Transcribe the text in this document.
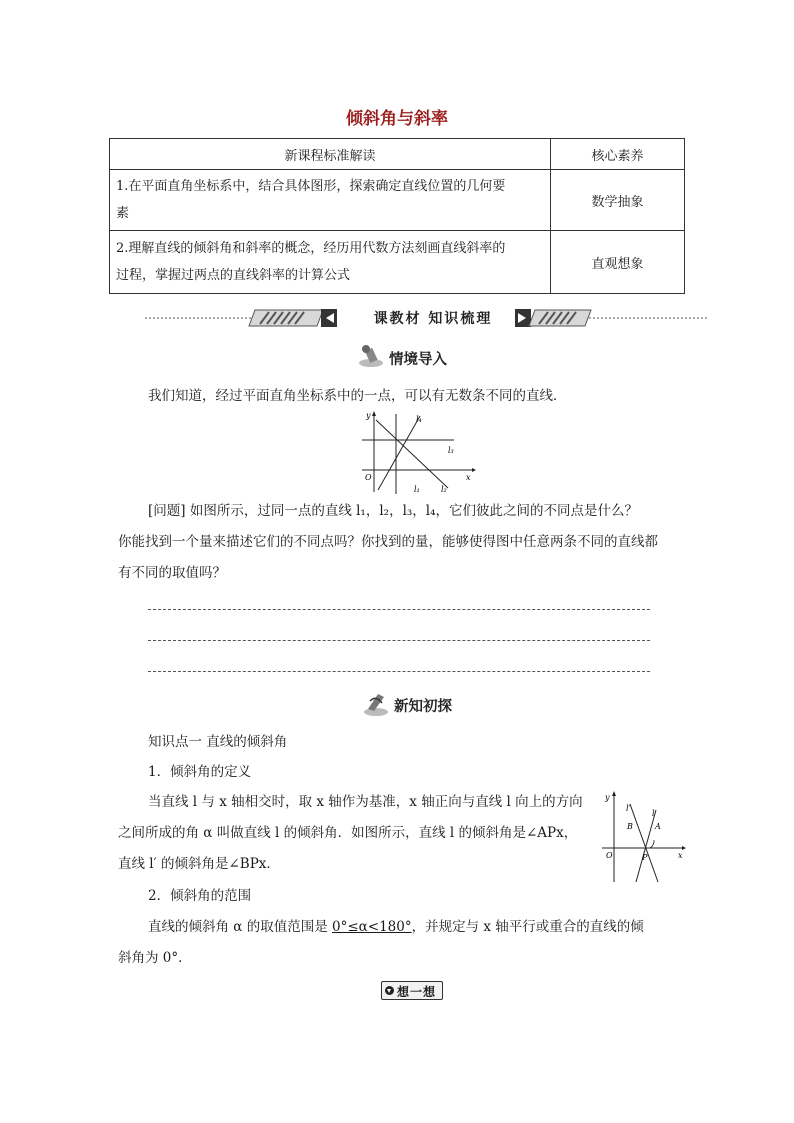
倾斜角与斜率
新课程标准解读	核心素养
1.在平面直角坐标系中，结合具体图形，探索确定直线位置的几何要
素	数学抽象
2.理解直线的倾斜角和斜率的概念，经历用代数方法刻画直线斜率的
过程，掌握过两点的直线斜率的计算公式	直观想象
课教材 知识梳理
情境导入

我们知道，经过平面直角坐标系中的一点，可以有无数条不同的直线．

y
x
O
l₄
l₃
l₁	l₂

[问题] 如图所示，过同一点的直线 l₁，l₂，l₃，l₄，它们彼此之间的不同点是什么？

你能找到一个量来描述它们的不同点吗？你找到的量，能够使得图中任意两条不同的直线都

有不同的取值吗？

新知初探

知识点一 直线的倾斜角

1．倾斜角的定义

当直线 l 与 x 轴相交时，取 x 轴作为基准，x 轴正向与直线 l 向上的方向

之间所成的角 α 叫做直线 l 的倾斜角．如图所示，直线 l 的倾斜角是∠APx，

直线 l′ 的倾斜角是∠BPx．

y
x
O
l′
l
A
B
P

2．倾斜角的范围

直线的倾斜角 α 的取值范围是 0°≤α<180°，并规定与 x 轴平行或重合的直线的倾

斜角为 0°．

想一想
